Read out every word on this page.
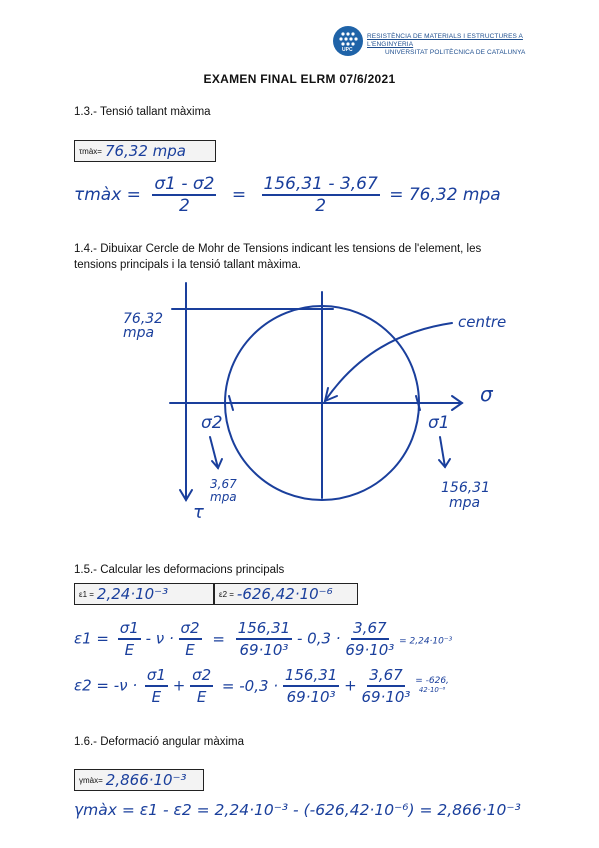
UPC
RESISTÈNCIA DE MATERIALS I ESTRUCTURES A L'ENGINYERIA
UNIVERSITAT POLITÈCNICA DE CATALUNYA
EXAMEN FINAL ELRM 07/6/2021
1.3.- Tensió tallant màxima
τmàx= 76,32 mpa
τmàx = $\frac{\sigma 1 - \sigma 2}{2} = \frac{156,31 - 3,67}{2} = 76,32$ mpa
1.4.- Dibuixar Cercle de Mohr de Tensions indicant les tensions de l'element, les
tensions principals i la tensió tallant màxima.
76,32
mpa
centre
σ
τ
σ2	σ1
3,67
mpa
156,31
mpa
1.5.- Calcular les deformacions principals
ε1 = 2,24·10⁻³	ε2 = -626,42·10⁻⁶
$\varepsilon 1 = \frac{\sigma 1}{E} - \nu \cdot \frac{\sigma 2}{E} = \frac{156,31}{\text{69·10³}} - 0,3 \cdot \frac{3,67}{\text{69·10³}} = 2,24\cdot 10^{-3}$
$\varepsilon 2 = -\nu \cdot \frac{\sigma 1}{E} + \frac{\sigma 2}{E} = -0,3 \cdot \frac{156,31}{\text{69·10³}} + \frac{3,67}{\text{69·10³}}$
= -626,
42·10⁻⁶
1.6.- Deformació angular màxima
γmàx= 2,866·10⁻³
γmàx = ε1 - ε2 = 2,24·10⁻³ - (-626,42·10⁻⁶) = 2,866·10⁻³
